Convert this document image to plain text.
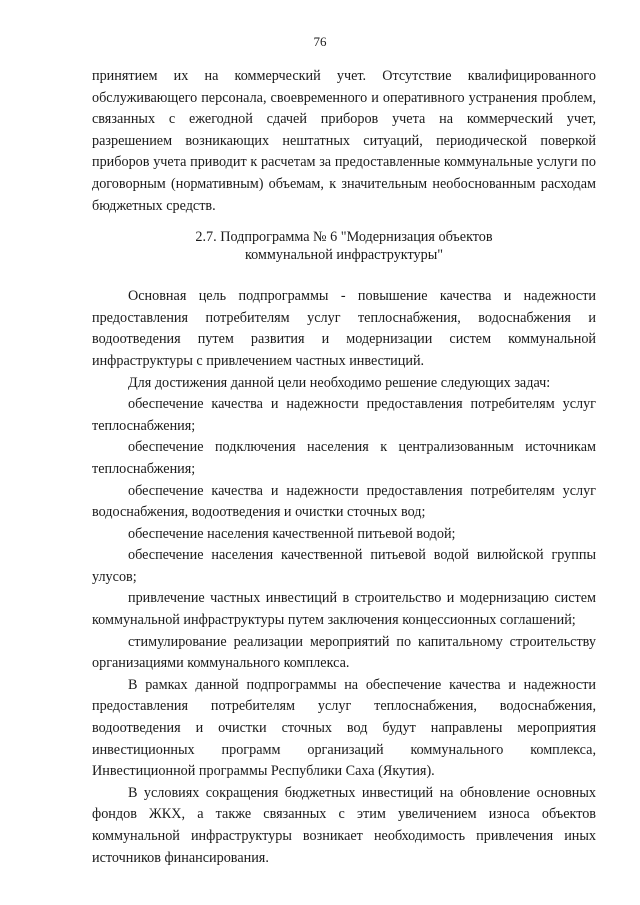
76

принятием их на коммерческий учет. Отсутствие квалифицированного обслуживающего персонала, своевременного и оперативного устранения проблем, связанных с ежегодной сдачей приборов учета на коммерческий учет, разрешением возникающих нештатных ситуаций, периодической поверкой приборов учета приводит к расчетам за предоставленные коммунальные услуги по договорным (нормативным) объемам, к значительным необоснованным расходам бюджетных средств.

2.7. Подпрограмма № 6 "Модернизация объектов
коммунальной инфраструктуры"

Основная цель подпрограммы - повышение качества и надежности предоставления потребителям услуг теплоснабжения, водоснабжения и водоотведения путем развития и модернизации систем коммунальной инфраструктуры с привлечением частных инвестиций.

Для достижения данной цели необходимо решение следующих задач:

обеспечение качества и надежности предоставления потребителям услуг теплоснабжения;

обеспечение подключения населения к централизованным источникам теплоснабжения;

обеспечение качества и надежности предоставления потребителям услуг водоснабжения, водоотведения и очистки сточных вод;

обеспечение населения качественной питьевой водой;

обеспечение населения качественной питьевой водой вилюйской группы улусов;

привлечение частных инвестиций в строительство и модернизацию систем коммунальной инфраструктуры путем заключения концессионных соглашений;

стимулирование реализации мероприятий по капитальному строительству организациями коммунального комплекса.

В рамках данной подпрограммы на обеспечение качества и надежности предоставления потребителям услуг теплоснабжения, водоснабжения, водоотведения и очистки сточных вод будут направлены мероприятия инвестиционных программ организаций коммунального комплекса, Инвестиционной программы Республики Саха (Якутия).

В условиях сокращения бюджетных инвестиций на обновление основных фондов ЖКХ, а также связанных с этим увеличением износа объектов коммунальной инфраструктуры возникает необходимость привлечения иных источников финансирования.
